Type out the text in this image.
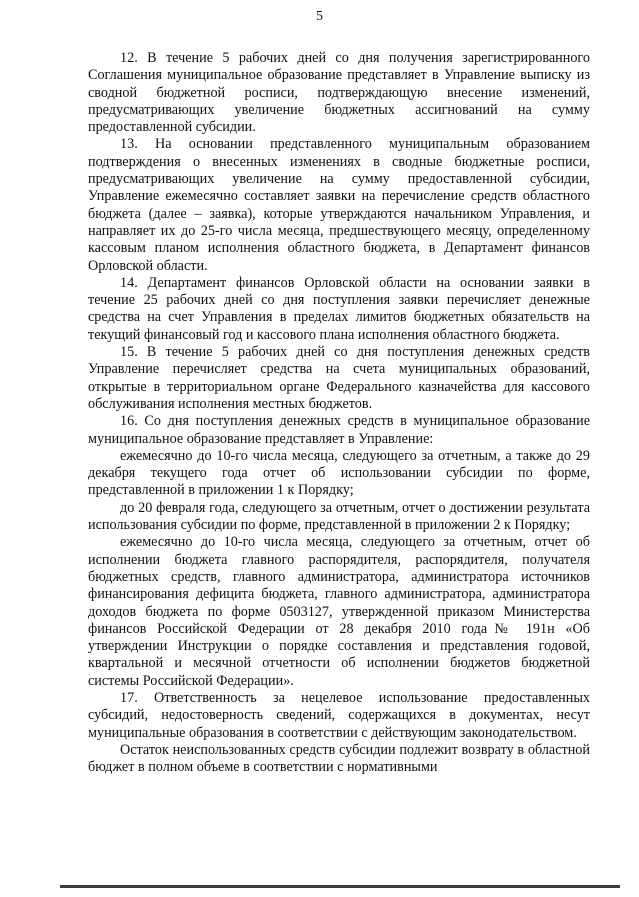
5

12. В течение 5 рабочих дней со дня получения зарегистрированного Соглашения муниципальное образование представляет в Управление выписку из сводной бюджетной росписи, подтверждающую внесение изменений, предусматривающих увеличение бюджетных ассигнований на сумму предоставленной субсидии.

13. На основании представленного муниципальным образованием подтверждения о внесенных изменениях в сводные бюджетные росписи, предусматривающих увеличение на сумму предоставленной субсидии, Управление ежемесячно составляет заявки на перечисление средств областного бюджета (далее – заявка), которые утверждаются начальником Управления, и направляет их до 25-го числа месяца, предшествующего месяцу, определенному кассовым планом исполнения областного бюджета, в Департамент финансов Орловской области.

14. Департамент финансов Орловской области на основании заявки в течение 25 рабочих дней со дня поступления заявки перечисляет денежные средства на счет Управления в пределах лимитов бюджетных обязательств на текущий финансовый год и кассового плана исполнения областного бюджета.

15. В течение 5 рабочих дней со дня поступления денежных средств Управление перечисляет средства на счета муниципальных образований, открытые в территориальном органе Федерального казначейства для кассового обслуживания исполнения местных бюджетов.

16. Со дня поступления денежных средств в муниципальное образование муниципальное образование представляет в Управление:

ежемесячно до 10-го числа месяца, следующего за отчетным, а также до 29 декабря текущего года отчет об использовании субсидии по форме, представленной в приложении 1 к Порядку;

до 20 февраля года, следующего за отчетным, отчет о достижении результата использования субсидии по форме, представленной в приложении 2 к Порядку;

ежемесячно до 10-го числа месяца, следующего за отчетным, отчет об исполнении бюджета главного распорядителя, распорядителя, получателя бюджетных средств, главного администратора, администратора источников финансирования дефицита бюджета, главного администратора, администратора доходов бюджета по форме 0503127, утвержденной приказом Министерства финансов Российской Федерации от 28 декабря 2010 года№ 191н «Об утверждении Инструкции о порядке составления и представления годовой, квартальной и месячной отчетности об исполнении бюджетов бюджетной системы Российской Федерации».

17. Ответственность за нецелевое использование предоставленных субсидий, недостоверность сведений, содержащихся в документах, несут муниципальные образования в соответствии с действующим законодательством.

Остаток неиспользованных средств субсидии подлежит возврату в областной бюджет в полном объеме в соответствии с нормативными
